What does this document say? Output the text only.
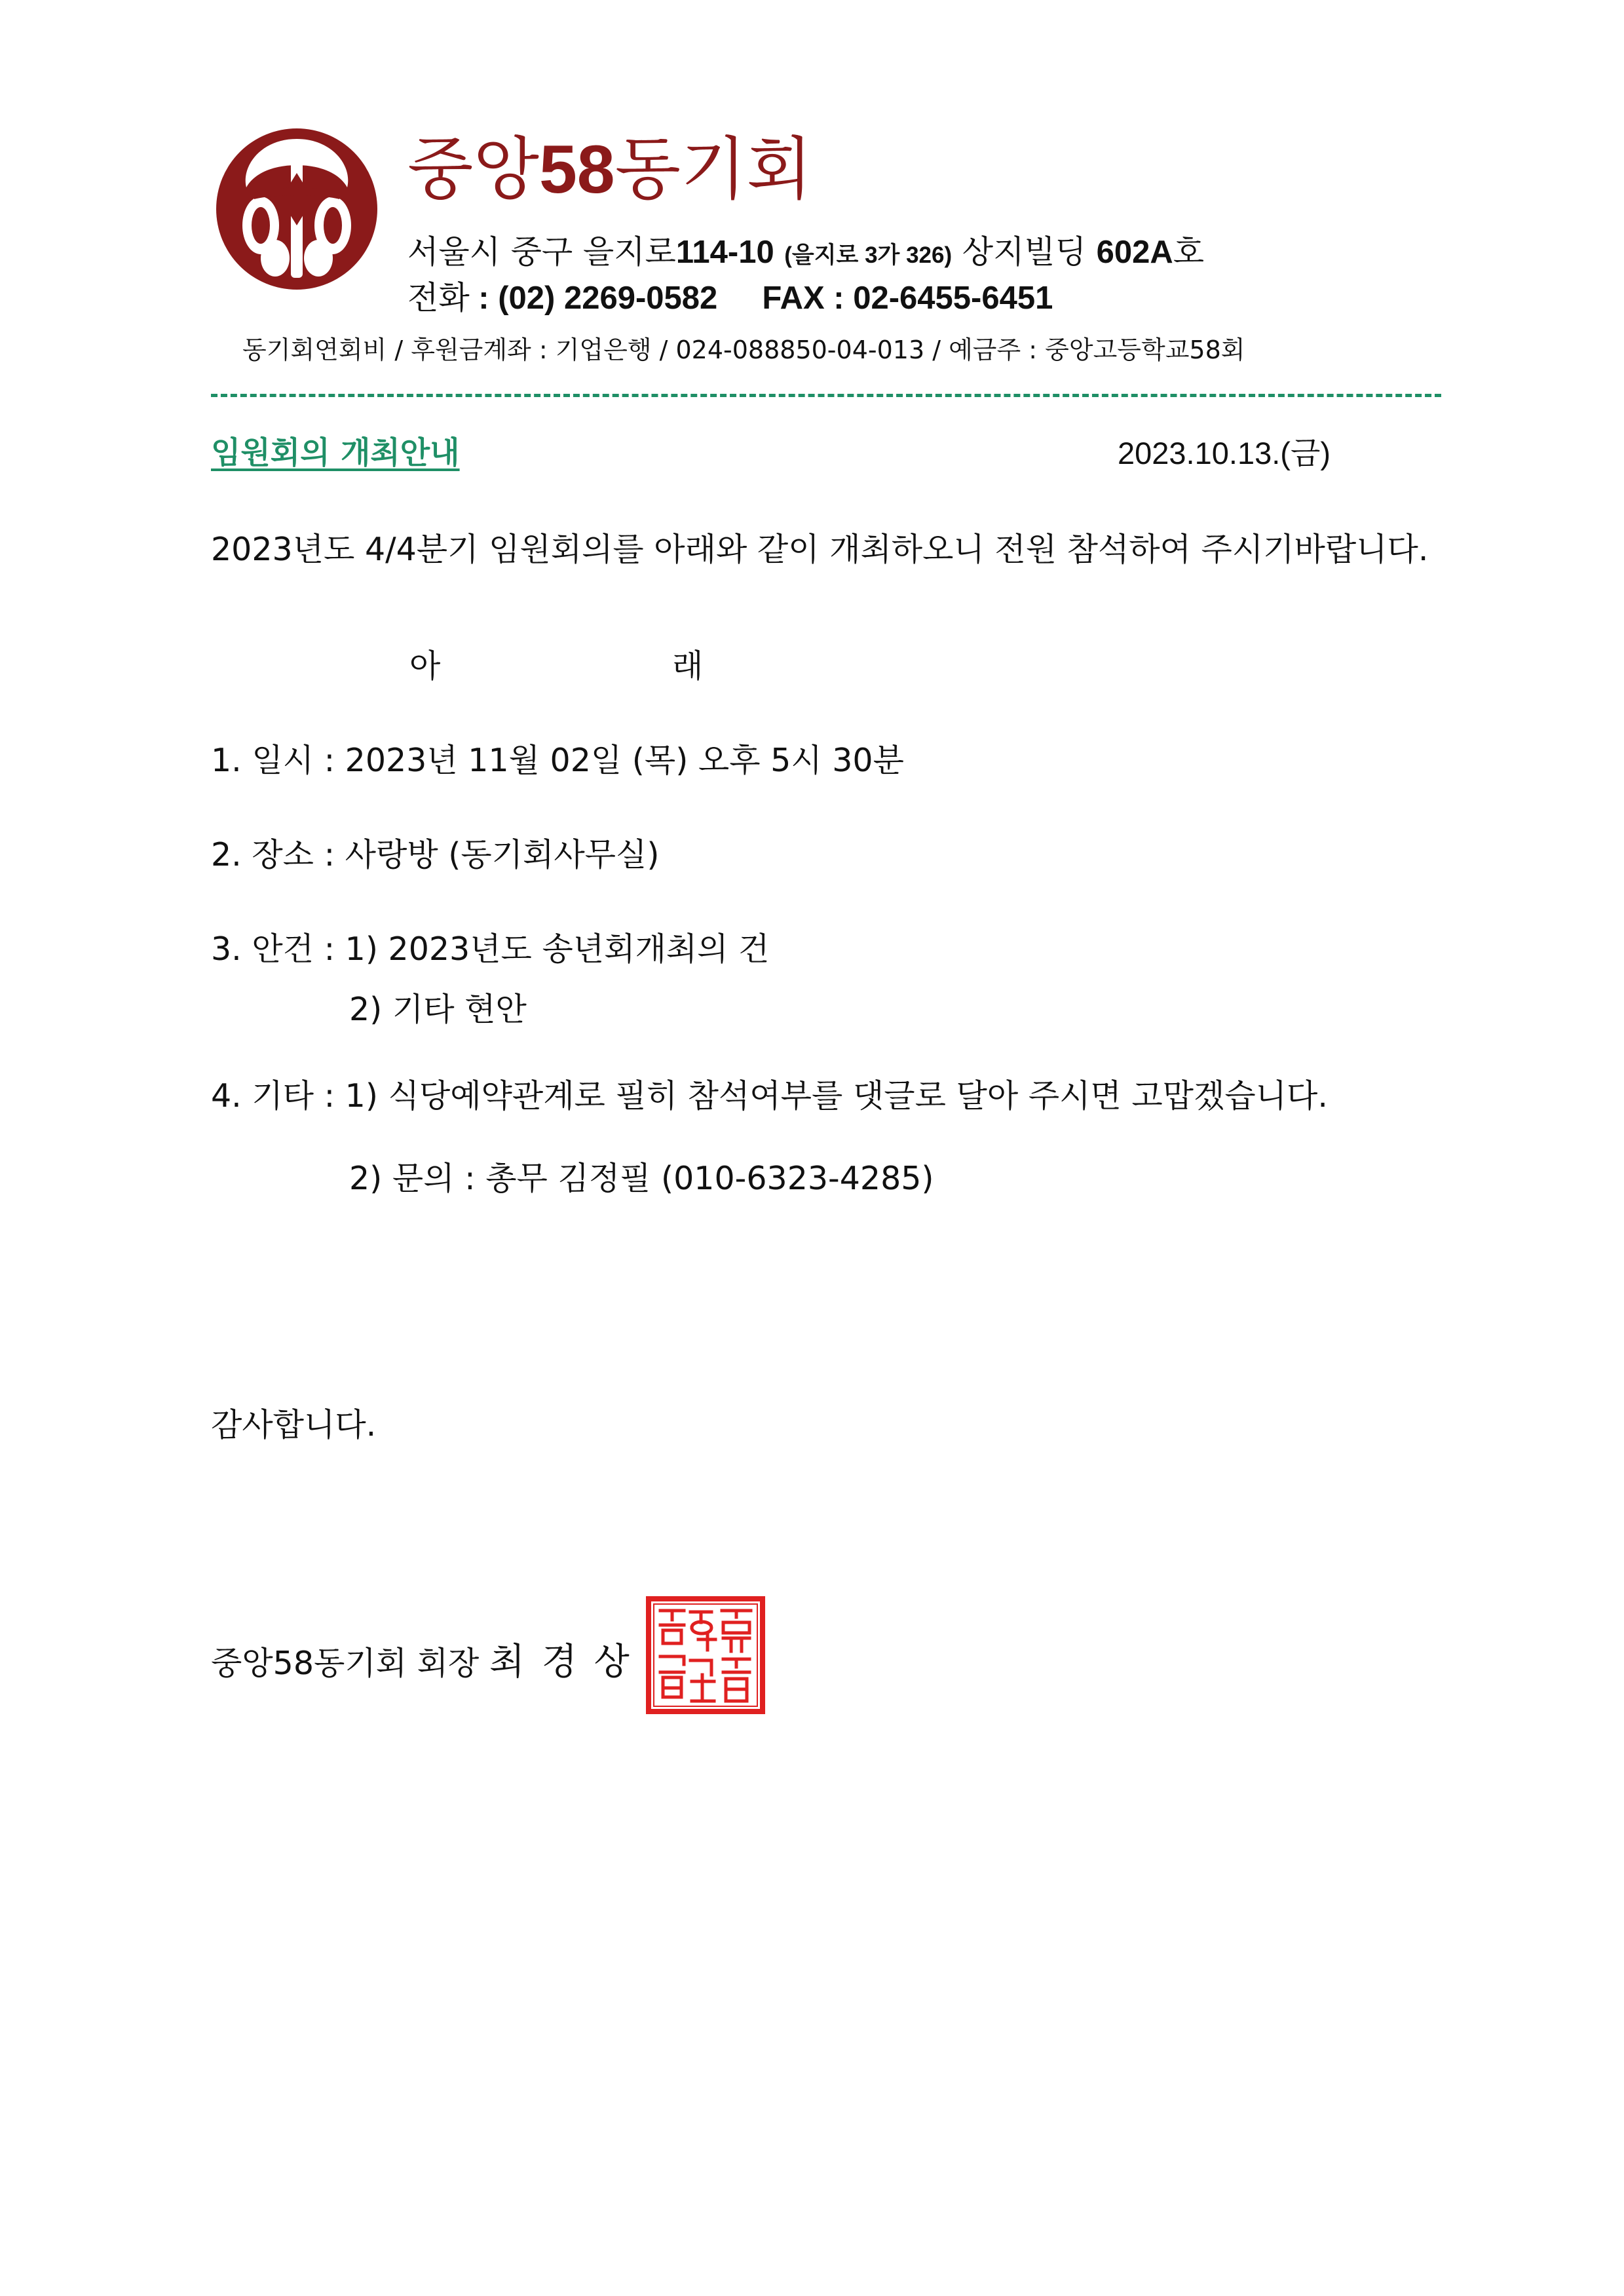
중앙58동기회
서울시 중구 을지로114-10 (을지로 3가 326) 상지빌딩 602A호
전화 : (02) 2269-0582     FAX : 02-6455-6451
동기회연회비 / 후원금계좌 : 기업은행 / 024-088850-04-013 / 예금주 : 중앙고등학교58회
임원회의 개최안내	2023.10.13.(금)
2023년도 4/4분기 임원회의를 아래와 같이 개최하오니 전원 참석하여 주시기바랍니다.
아	래
1. 일시 : 2023년 11월 02일 (목) 오후 5시 30분
2. 장소 : 사랑방 (동기회사무실)
3. 안건 : 1) 2023년도 송년회개최의 건
2) 기타 현안
4. 기타 : 1) 식당예약관계로 필히 참석여부를 댓글로 달아 주시면 고맙겠습니다.
2) 문의 : 총무 김정필 (010-6323-4285)
감사합니다.
중앙58동기회 회장 최 경 상
